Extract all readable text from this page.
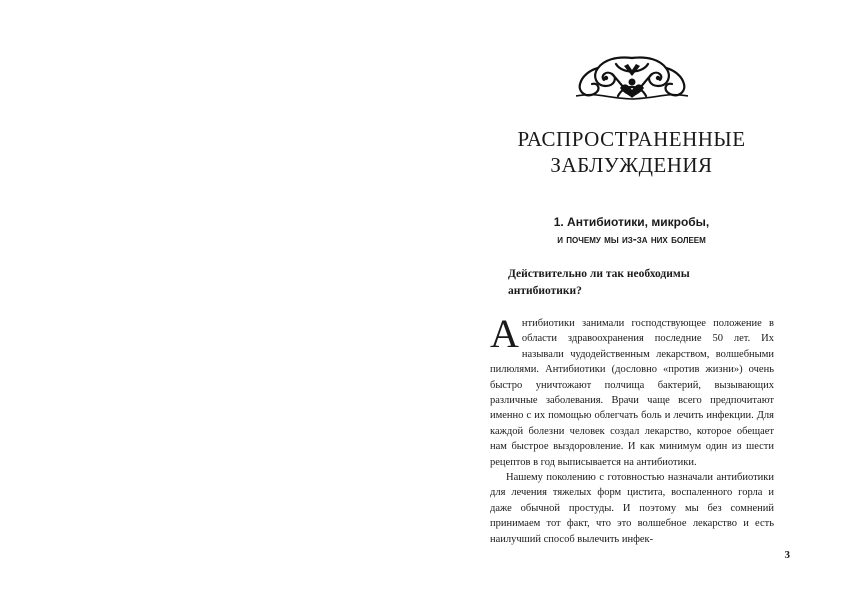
РАСПРОСТРАНЕННЫЕ
ЗАБЛУЖДЕНИЯ
1. Антибиотики, микробы,
и почему мы из-за них болеем
Действительно ли так необходимы
антибиотики?

Антибиотики занимали господствующее положение в области здравоохранения последние 50 лет. Их называли чудодейственным лекарством, волшебными пилюлями. Антибиотики (дословно «против жизни») очень быстро уничтожают полчища бактерий, вызывающих различные заболевания. Врачи чаще всего предпочитают именно с их помощью облегчать боль и лечить инфекции. Для каждой болезни человек создал лекарство, которое обещает нам быстрое выздоровление. И как минимум один из шести рецептов в год выписывается на антибиотики.

Нашему поколению с готовностью назначали антибиотики для лечения тяжелых форм цистита, воспаленного горла и даже обычной простуды. И поэтому мы без сомнений принимаем тот факт, что это волшебное лекарство и есть наилучший способ вылечить инфек-

3
